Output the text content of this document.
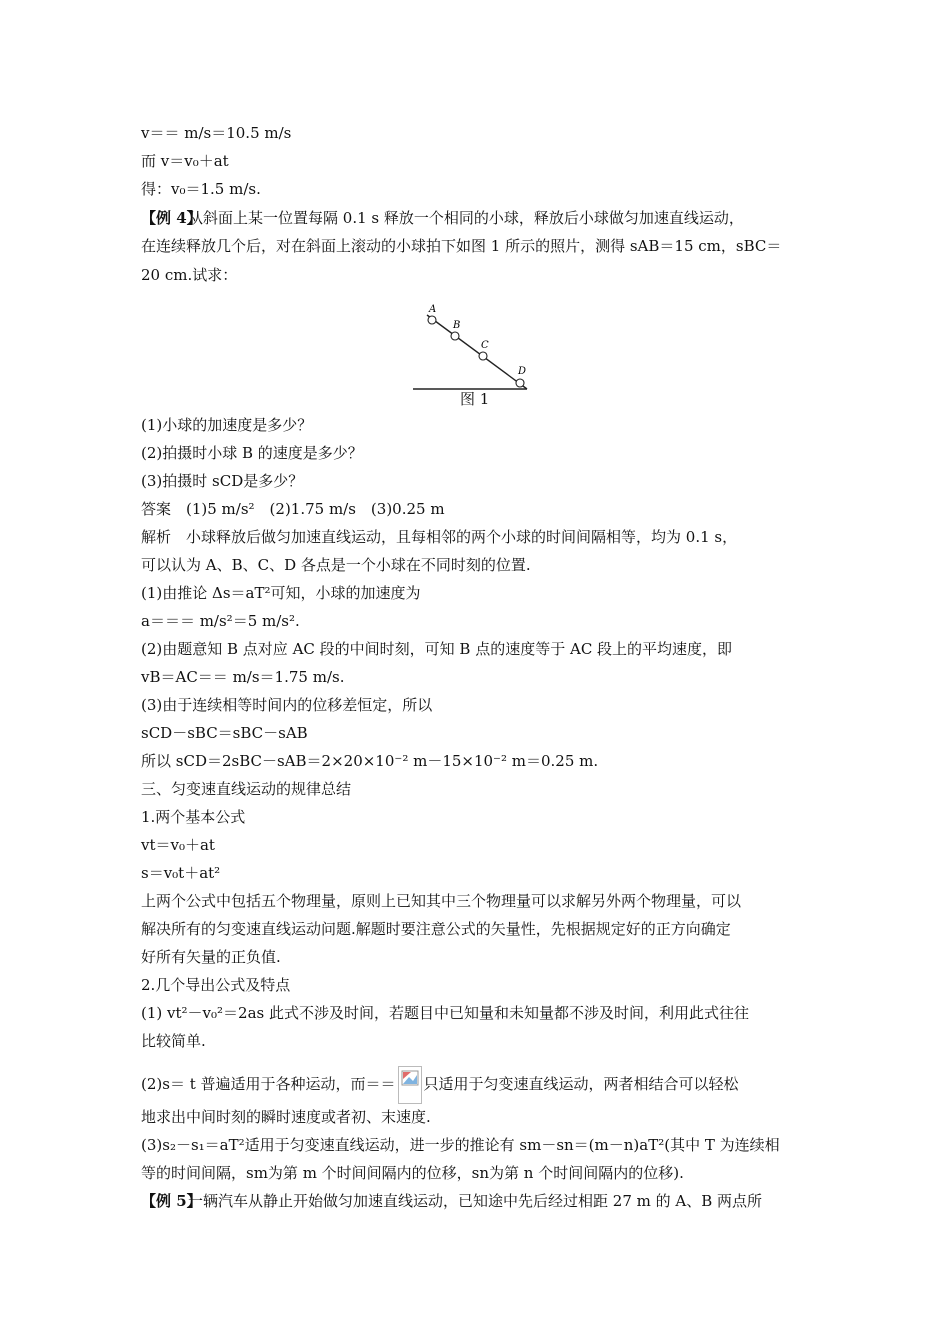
v＝＝ m/s＝10.5 m/s
而 v＝v₀＋at
得：v₀＝1.5 m/s.
【例 4】
从斜面上某一位置每隔 0.1 s 释放一个相同的小球，释放后小球做匀加速直线运动，
在连续释放几个后，对在斜面上滚动的小球拍下如图 1 所示的照片，测得 sAB＝15 cm，sBC＝
20 cm.试求：
A
B
C
D
图 1
(1)小球的加速度是多少？
(2)拍摄时小球 B 的速度是多少？
(3)拍摄时 sCD是多少？
答案　(1)5 m/s²　(2)1.75 m/s　(3)0.25 m
解析　小球释放后做匀加速直线运动，且每相邻的两个小球的时间间隔相等，均为 0.1 s，
可以认为 A、B、C、D 各点是一个小球在不同时刻的位置.
(1)由推论 Δs＝aT²可知，小球的加速度为
a＝＝＝ m/s²＝5 m/s².
(2)由题意知 B 点对应 AC 段的中间时刻，可知 B 点的速度等于 AC 段上的平均速度，即
vB＝AC＝＝ m/s＝1.75 m/s.
(3)由于连续相等时间内的位移差恒定，所以
sCD－sBC＝sBC－sAB
所以 sCD＝2sBC－sAB＝2×20×10⁻² m－15×10⁻² m＝0.25 m.
三、匀变速直线运动的规律总结
1.两个基本公式
vt＝v₀＋at
s＝v₀t＋at²
上两个公式中包括五个物理量，原则上已知其中三个物理量可以求解另外两个物理量，可以
解决所有的匀变速直线运动问题.解题时要注意公式的矢量性，先根据规定好的正方向确定
好所有矢量的正负值.
2.几个导出公式及特点
(1) vt²－v₀²＝2as 此式不涉及时间，若题目中已知量和未知量都不涉及时间，利用此式往往
比较简单.
(2)s＝ t 普遍适用于各种运动，而＝＝ 只适用于匀变速直线运动，两者相结合可以轻松
地求出中间时刻的瞬时速度或者初、末速度.
(3)s₂－s₁＝aT²适用于匀变速直线运动，进一步的推论有 sm－sn＝(m－n)aT²(其中 T 为连续相
等的时间间隔，sm为第 m 个时间间隔内的位移，sn为第 n 个时间间隔内的位移).
【例 5】
一辆汽车从静止开始做匀加速直线运动，已知途中先后经过相距 27 m 的 A、B 两点所
